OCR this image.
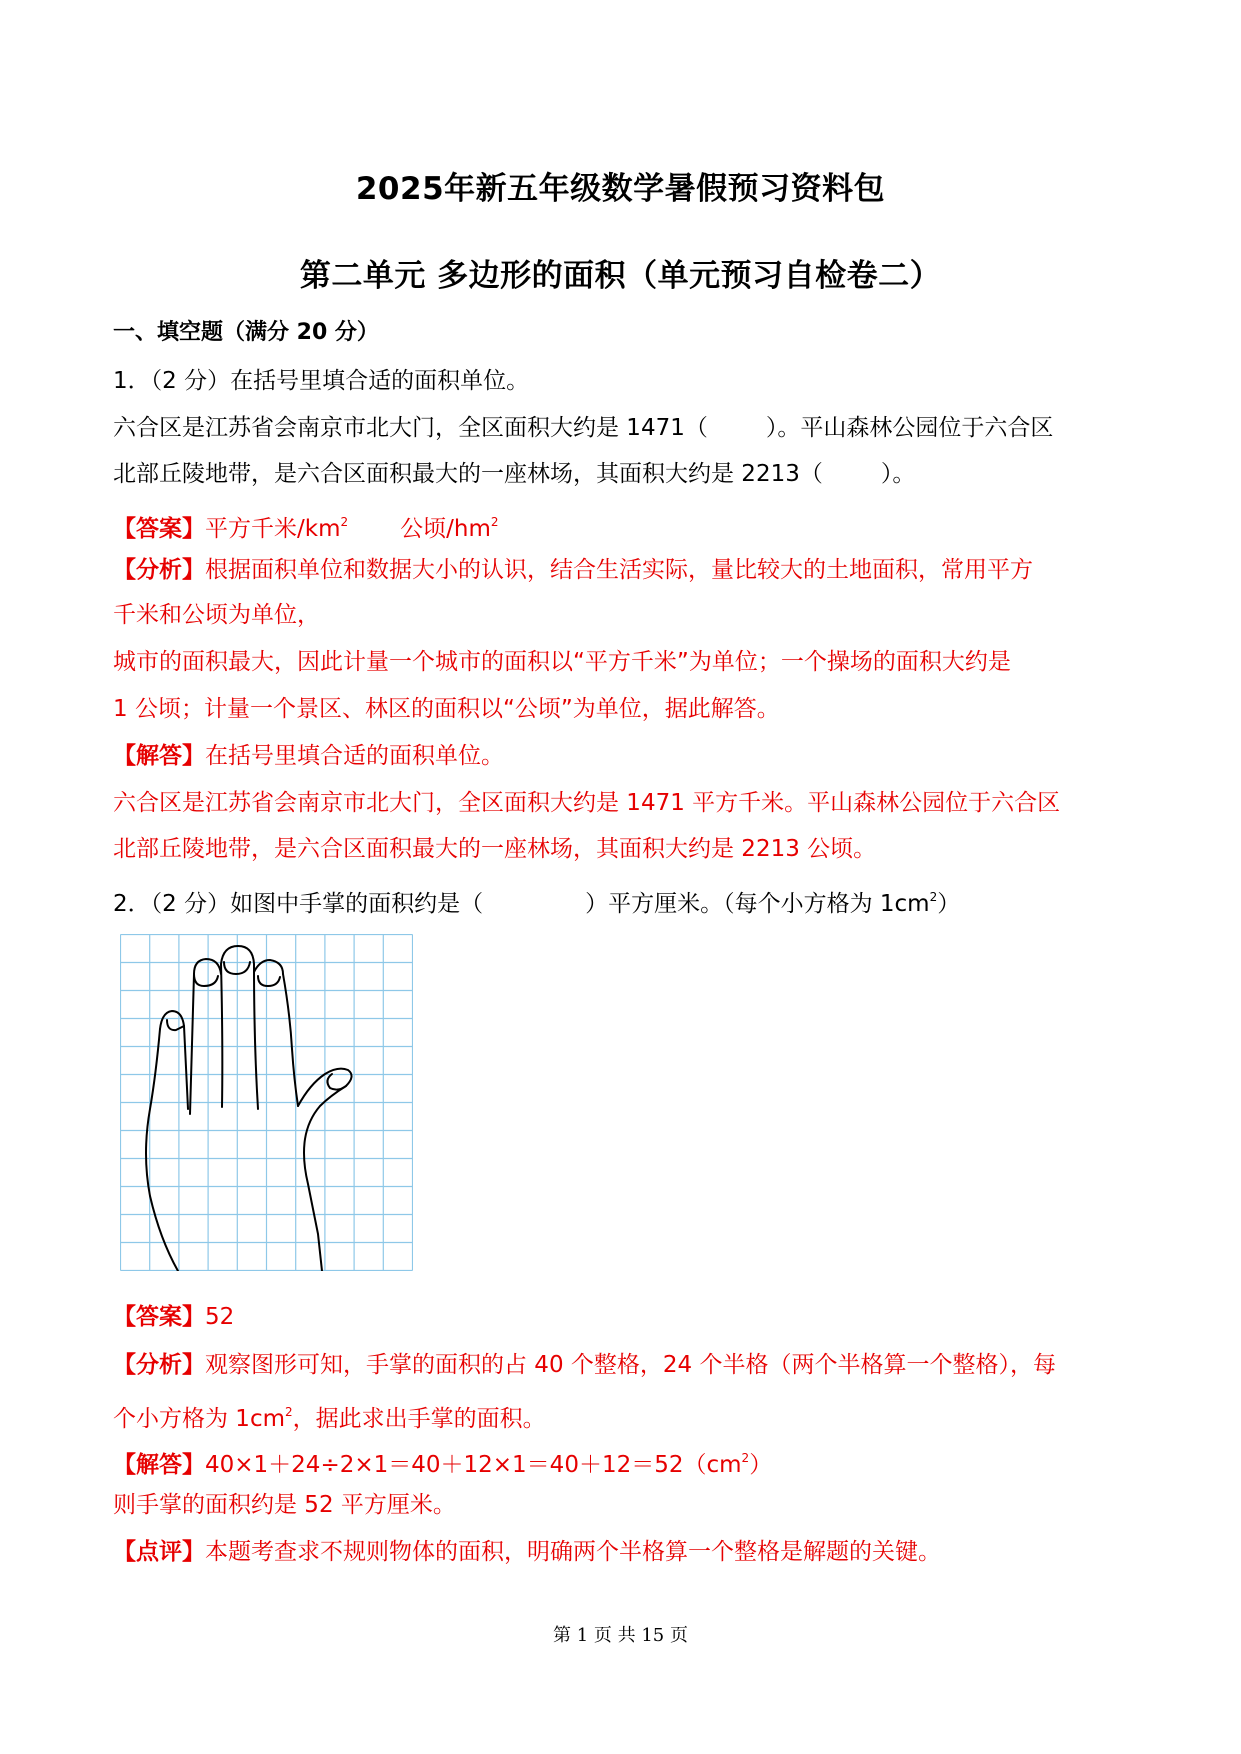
2025年新五年级数学暑假预习资料包
第二单元 多边形的面积（单元预习自检卷二）
一、填空题（满分 20 分）
1．（2 分）在括号里填合适的面积单位。
六合区是江苏省会南京市北大门，全区面积大约是 1471（	）。平山森林公园位于六合区
北部丘陵地带，是六合区面积最大的一座林场，其面积大约是 2213（	）。
【答案】平方千米$/km^2$ 公顷$/hm^2$
【分析】根据面积单位和数据大小的认识，结合生活实际，量比较大的土地面积，常用平方
千米和公顷为单位，
城市的面积最大，因此计量一个城市的面积以“平方千米”为单位；一个操场的面积大约是
1 公顷；计量一个景区、林区的面积以“公顷”为单位，据此解答。
【解答】在括号里填合适的面积单位。
六合区是江苏省会南京市北大门，全区面积大约是 1471 平方千米。平山森林公园位于六合区
北部丘陵地带，是六合区面积最大的一座林场，其面积大约是 2213 公顷。
2．（2 分）如图中手掌的面积约是（	）平方厘米。（每个小方格为 $1cm^2$）
【答案】52
【分析】观察图形可知，手掌的面积的占 40 个整格，24 个半格（两个半格算一个整格），每
个小方格为 $1cm^2$，据此求出手掌的面积。
【解答】$40\times 1+24\div 2\times 1=40+12\times 1=40+12=52(cm^2)$
则手掌的面积约是 52 平方厘米。
【点评】本题考查求不规则物体的面积，明确两个半格算一个整格是解题的关键。
第 1 页 共 15 页
